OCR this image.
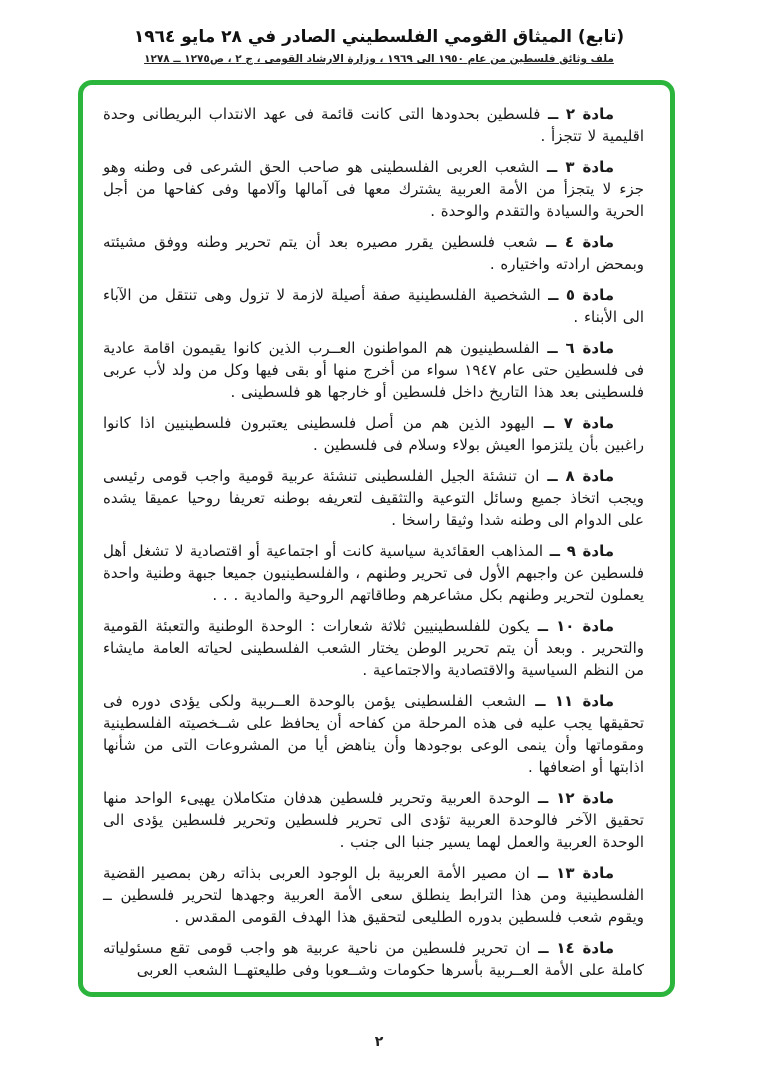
(تابع) الميثاق القومي الفلسطيني الصادر في ٢٨ مايو ١٩٦٤
ملف وثائق فلسطين من عام ١٩٥٠ الى ١٩٦٩ ، وزارة الارشاد القومى ، ج ٢ ، ص١٢٧٥ ــ ١٢٧٨

مادة ٢ ــ فلسطين بحدودها التى كانت قائمة فى عهد الانتداب البريطانى وحدة اقليمية لا تتجزأ .

مادة ٣ ــ الشعب العربى الفلسطينى هو صاحب الحق الشرعى فى وطنه وهو جزء لا يتجزأ من الأمة العربية يشترك معها فى آمالها وآلامها وفى كفاحها من أجل الحرية والسيادة والتقدم والوحدة .

مادة ٤ ــ شعب فلسطين يقرر مصيره بعد أن يتم تحرير وطنه ووفق مشيئته وبمحض ارادته واختياره .

مادة ٥ ــ الشخصية الفلسطينية صفة أصيلة لازمة لا تزول وهى تنتقل من الآباء الى الأبناء .

مادة ٦ ــ الفلسطينيون هم المواطنون العــرب الذين كانوا يقيمون اقامة عادية فى فلسطين حتى عام ١٩٤٧ سواء من أخرج منها أو بقى فيها وكل من ولد لأب عربى فلسطينى بعد هذا التاريخ داخل فلسطين أو خارجها هو فلسطينى .

مادة ٧ ــ اليهود الذين هم من أصل فلسطينى يعتبرون فلسطينيين اذا كانوا راغبين بأن يلتزموا العيش بولاء وسلام فى فلسطين .

مادة ٨ ــ ان تنشئة الجيل الفلسطينى تنشئة عربية قومية واجب قومى رئيسى ويجب اتخاذ جميع وسائل التوعية والتثقيف لتعريفه بوطنه تعريفا روحيا عميقا يشده على الدوام الى وطنه شدا وثيقا راسخا .

مادة ٩ ــ المذاهب العقائدية سياسية كانت أو اجتماعية أو اقتصادية لا تشغل أهل فلسطين عن واجبهم الأول فى تحرير وطنهم ، والفلسطينيون جميعا جبهة وطنية واحدة يعملون لتحرير وطنهم بكل مشاعرهم وطاقاتهم الروحية والمادية . . .

مادة ١٠ ــ يكون للفلسطينيين ثلاثة شعارات : الوحدة الوطنية والتعبئة القومية والتحرير . وبعد أن يتم تحرير الوطن يختار الشعب الفلسطينى لحياته العامة مايشاء من النظم السياسية والاقتصادية والاجتماعية .

مادة ١١ ــ الشعب الفلسطينى يؤمن بالوحدة العــربية ولكى يؤدى دوره فى تحقيقها يجب عليه فى هذه المرحلة من كفاحه أن يحافظ على شــخصيته الفلسطينية ومقوماتها وأن ينمى الوعى بوجودها وأن يناهض أيا من المشروعات التى من شأنها اذابتها أو اضعافها .

مادة ١٢ ــ الوحدة العربية وتحرير فلسطين هدفان متكاملان يهيىء الواحد منها تحقيق الآخر فالوحدة العربية تؤدى الى تحرير فلسطين وتحرير فلسطين يؤدى الى الوحدة العربية والعمل لهما يسير جنبا الى جنب .

مادة ١٣ ــ ان مصير الأمة العربية بل الوجود العربى بذاته رهن بمصير القضية الفلسطينية ومن هذا الترابط ينطلق سعى الأمة العربية وجهدها لتحرير فلسطين ــ ويقوم شعب فلسطين بدوره الطليعى لتحقيق هذا الهدف القومى المقدس .

مادة ١٤ ــ ان تحرير فلسطين من ناحية عربية هو واجب قومى تقع مسئولياته كاملة على الأمة العــربية بأسرها حكومات وشــعوبا وفى طليعتهــا الشعب العربى

٢
